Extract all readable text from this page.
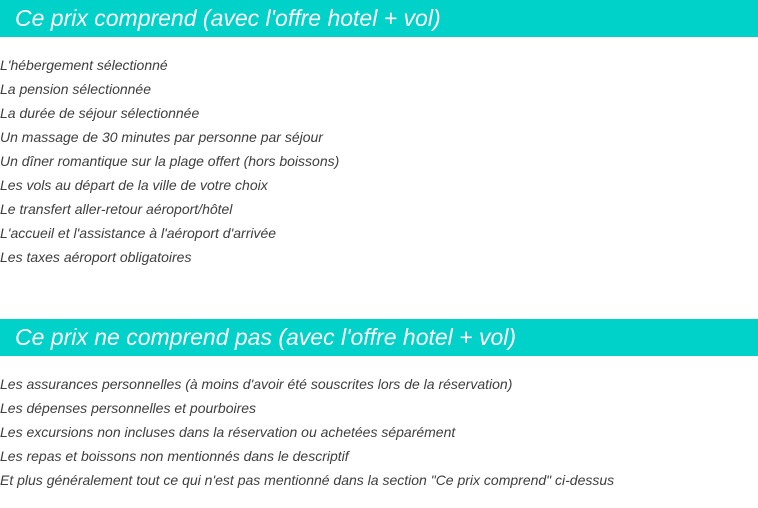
Ce prix comprend (avec l'offre hotel + vol)
L'hébergement sélectionné
La pension sélectionnée
La durée de séjour sélectionnée
Un massage de 30 minutes par personne par séjour
Un dîner romantique sur la plage offert (hors boissons)
Les vols au départ de la ville de votre choix
Le transfert aller-retour aéroport/hôtel
L'accueil et l'assistance à l'aéroport d'arrivée
Les taxes aéroport obligatoires
Ce prix ne comprend pas (avec l'offre hotel + vol)
Les assurances personnelles (à moins d'avoir été souscrites lors de la réservation)
Les dépenses personnelles et pourboires
Les excursions non incluses dans la réservation ou achetées séparément
Les repas et boissons non mentionnés dans le descriptif
Et plus généralement tout ce qui n'est pas mentionné dans la section "Ce prix comprend" ci-dessus
